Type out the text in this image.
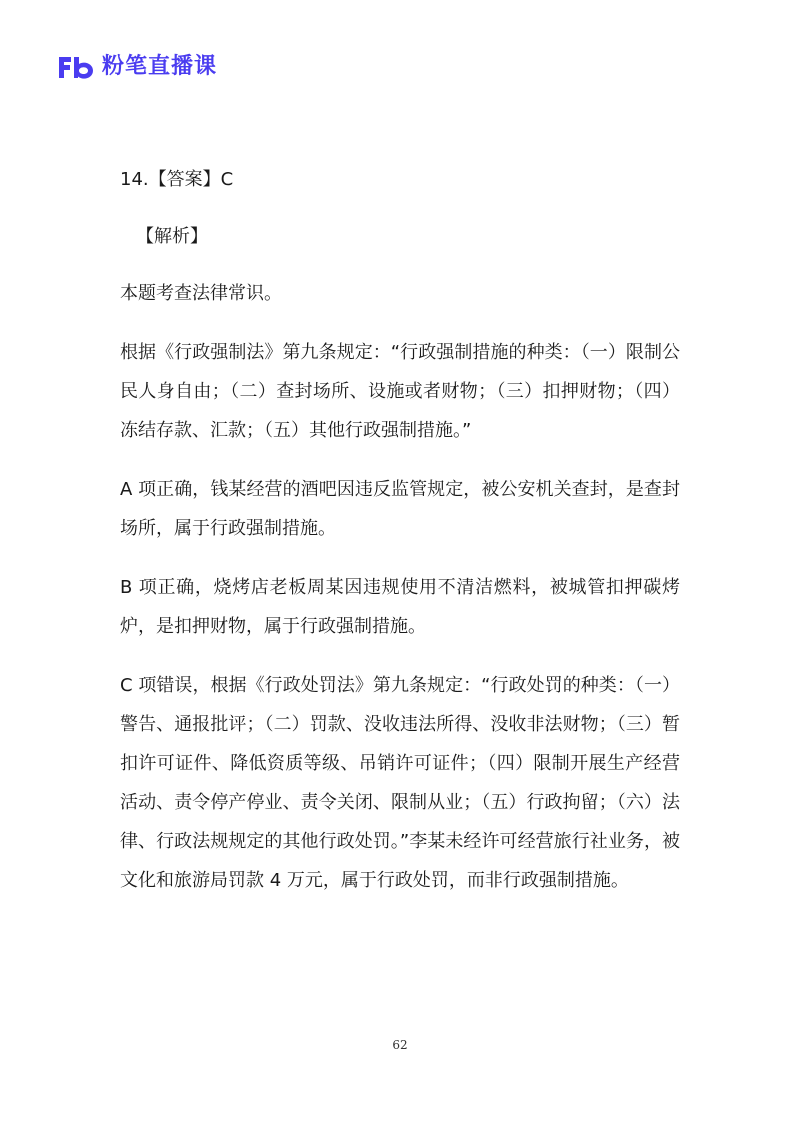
粉笔直播课

14.【答案】C

【解析】

本题考查法律常识。

根据《行政强制法》第九条规定：“行政强制措施的种类：（一）限制公民人身自由；（二）查封场所、设施或者财物；（三）扣押财物；（四）冻结存款、汇款；（五）其他行政强制措施。”

A 项正确，钱某经营的酒吧因违反监管规定，被公安机关查封，是查封场所，属于行政强制措施。

B 项正确，烧烤店老板周某因违规使用不清洁燃料，被城管扣押碳烤炉，是扣押财物，属于行政强制措施。

C 项错误，根据《行政处罚法》第九条规定：“行政处罚的种类：（一）警告、通报批评；（二）罚款、没收违法所得、没收非法财物；（三）暂扣许可证件、降低资质等级、吊销许可证件；（四）限制开展生产经营活动、责令停产停业、责令关闭、限制从业；（五）行政拘留；（六）法律、行政法规规定的其他行政处罚。”李某未经许可经营旅行社业务，被文化和旅游局罚款 4 万元，属于行政处罚，而非行政强制措施。

62
